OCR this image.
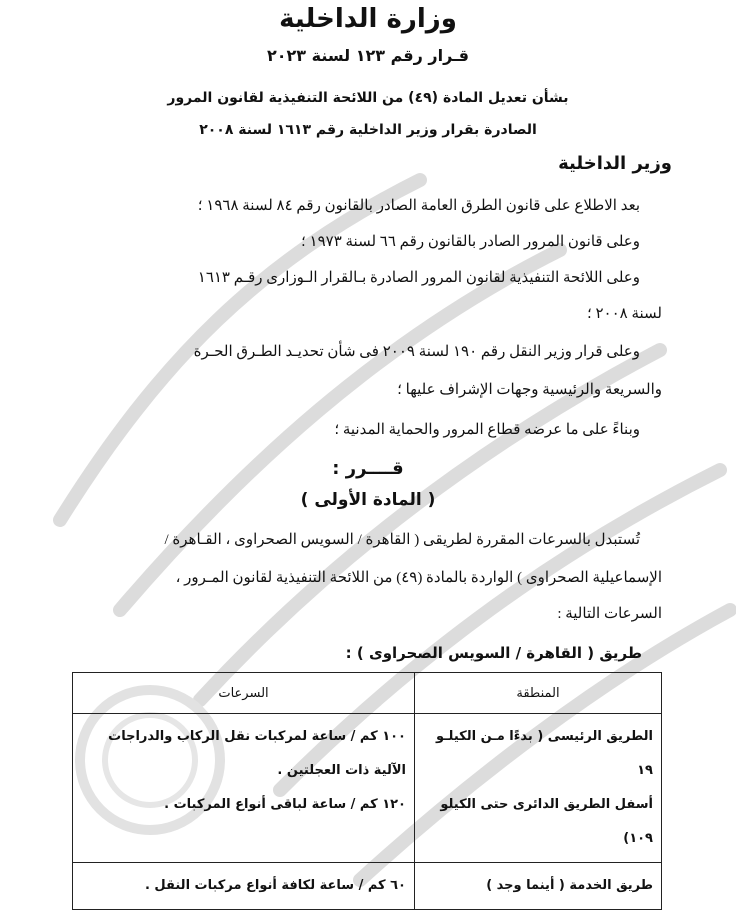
وزارة الداخلية
قـرار رقم ١٢٣ لسنة ٢٠٢٣
بشأن تعديل المادة (٤٩) من اللائحة التنفيذية لقانون المرور
الصادرة بقرار وزير الداخلية رقم ١٦١٣ لسنة ٢٠٠٨
وزير الداخلية
بعد الاطلاع على قانون الطرق العامة الصادر بالقانون رقم ٨٤ لسنة ١٩٦٨ ؛
وعلى قانون المرور الصادر بالقانون رقم ٦٦ لسنة ١٩٧٣ ؛
وعلى اللائحة التنفيذية لقانون المرور الصادرة بـالقرار الـوزارى رقـم ١٦١٣
لسنة ٢٠٠٨ ؛
وعلى قرار وزير النقل رقم ١٩٠ لسنة ٢٠٠٩ فى شأن تحديـد الطـرق الحـرة
والسريعة والرئيسية وجهات الإشراف عليها ؛
وبناءً على ما عرضه قطاع المرور والحماية المدنية ؛
قــــرر :
( المادة الأولى )
تُستبدل بالسرعات المقررة لطريقى ( القاهرة / السويس الصحراوى ، القـاهرة /
الإسماعيلية الصحراوى ) الواردة بالمادة (٤٩) من اللائحة التنفيذية لقانون المـرور ،
السرعات التالية :
طريق ( القاهرة / السويس الصحراوى ) :
المنطقة	السرعات

الطريق الرئيسى ( بدءًا مـن الكيلـو ١٩
أسفل الطريق الدائرى حتى الكيلو ١٠٩)	١٠٠ كم / ساعة لمركبات نقل الركاب والدراجات
الآلية ذات العجلتين .
١٢٠ كم / ساعة لباقى أنواع المركبات .

طريق الخدمة ( أينما وجد )	٦٠ كم / ساعة لكافة أنواع مركبات النقل .
